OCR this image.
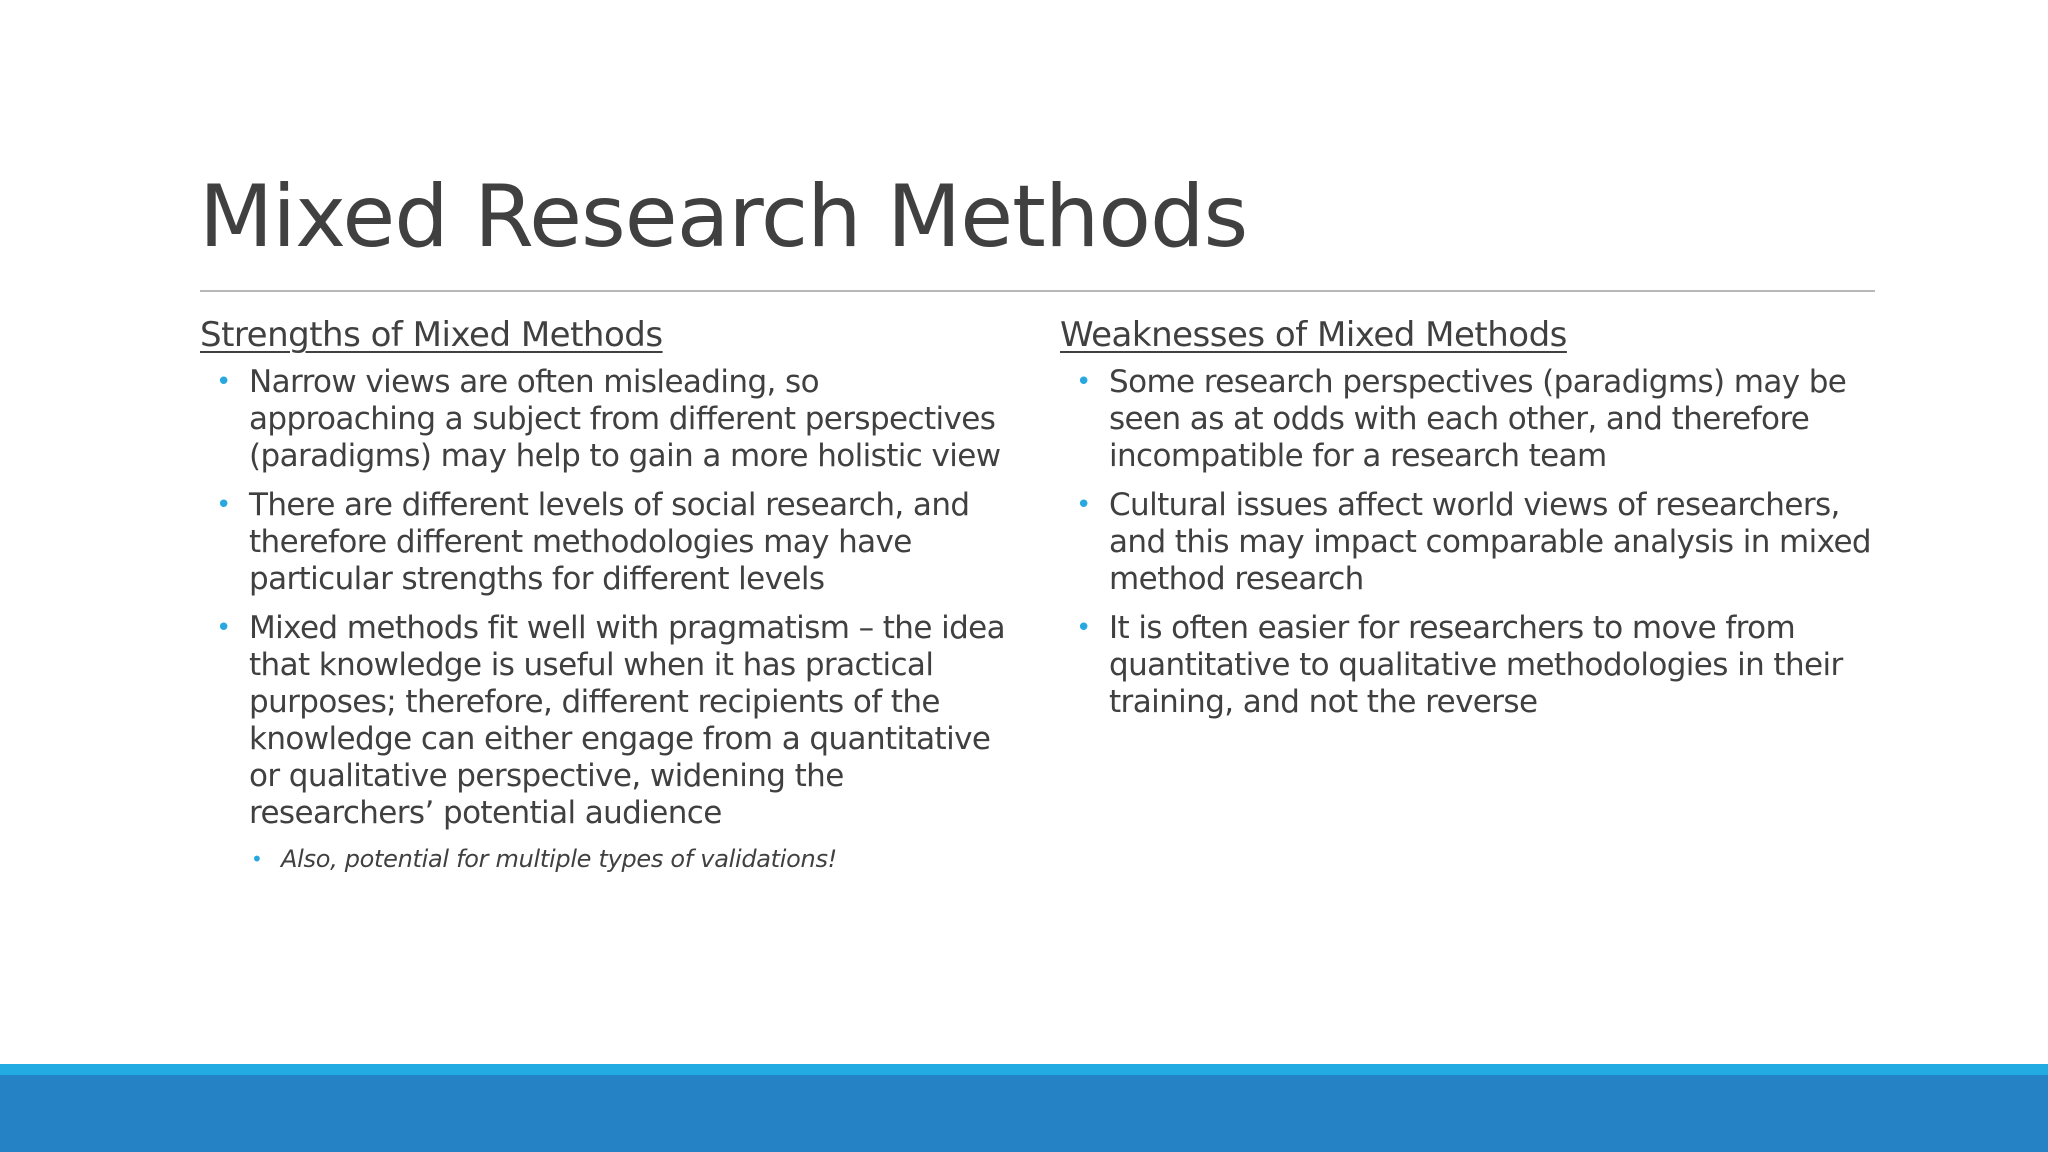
Mixed Research Methods
Strengths of Mixed Methods
• Narrow views are often misleading, so approaching a subject from different perspectives (paradigms) may help to gain a more holistic view
• There are different levels of social research, and therefore different methodologies may have particular strengths for different levels
• Mixed methods fit well with pragmatism – the idea that knowledge is useful when it has practical purposes; therefore, different recipients of the knowledge can either engage from a quantitative or qualitative perspective, widening the researchers’ potential audience
• Also, potential for multiple types of validations!
Weaknesses of Mixed Methods
• Some research perspectives (paradigms) may be seen as at odds with each other, and therefore incompatible for a research team
• Cultural issues affect world views of researchers, and this may impact comparable analysis in mixed method research
• It is often easier for researchers to move from quantitative to qualitative methodologies in their training, and not the reverse
